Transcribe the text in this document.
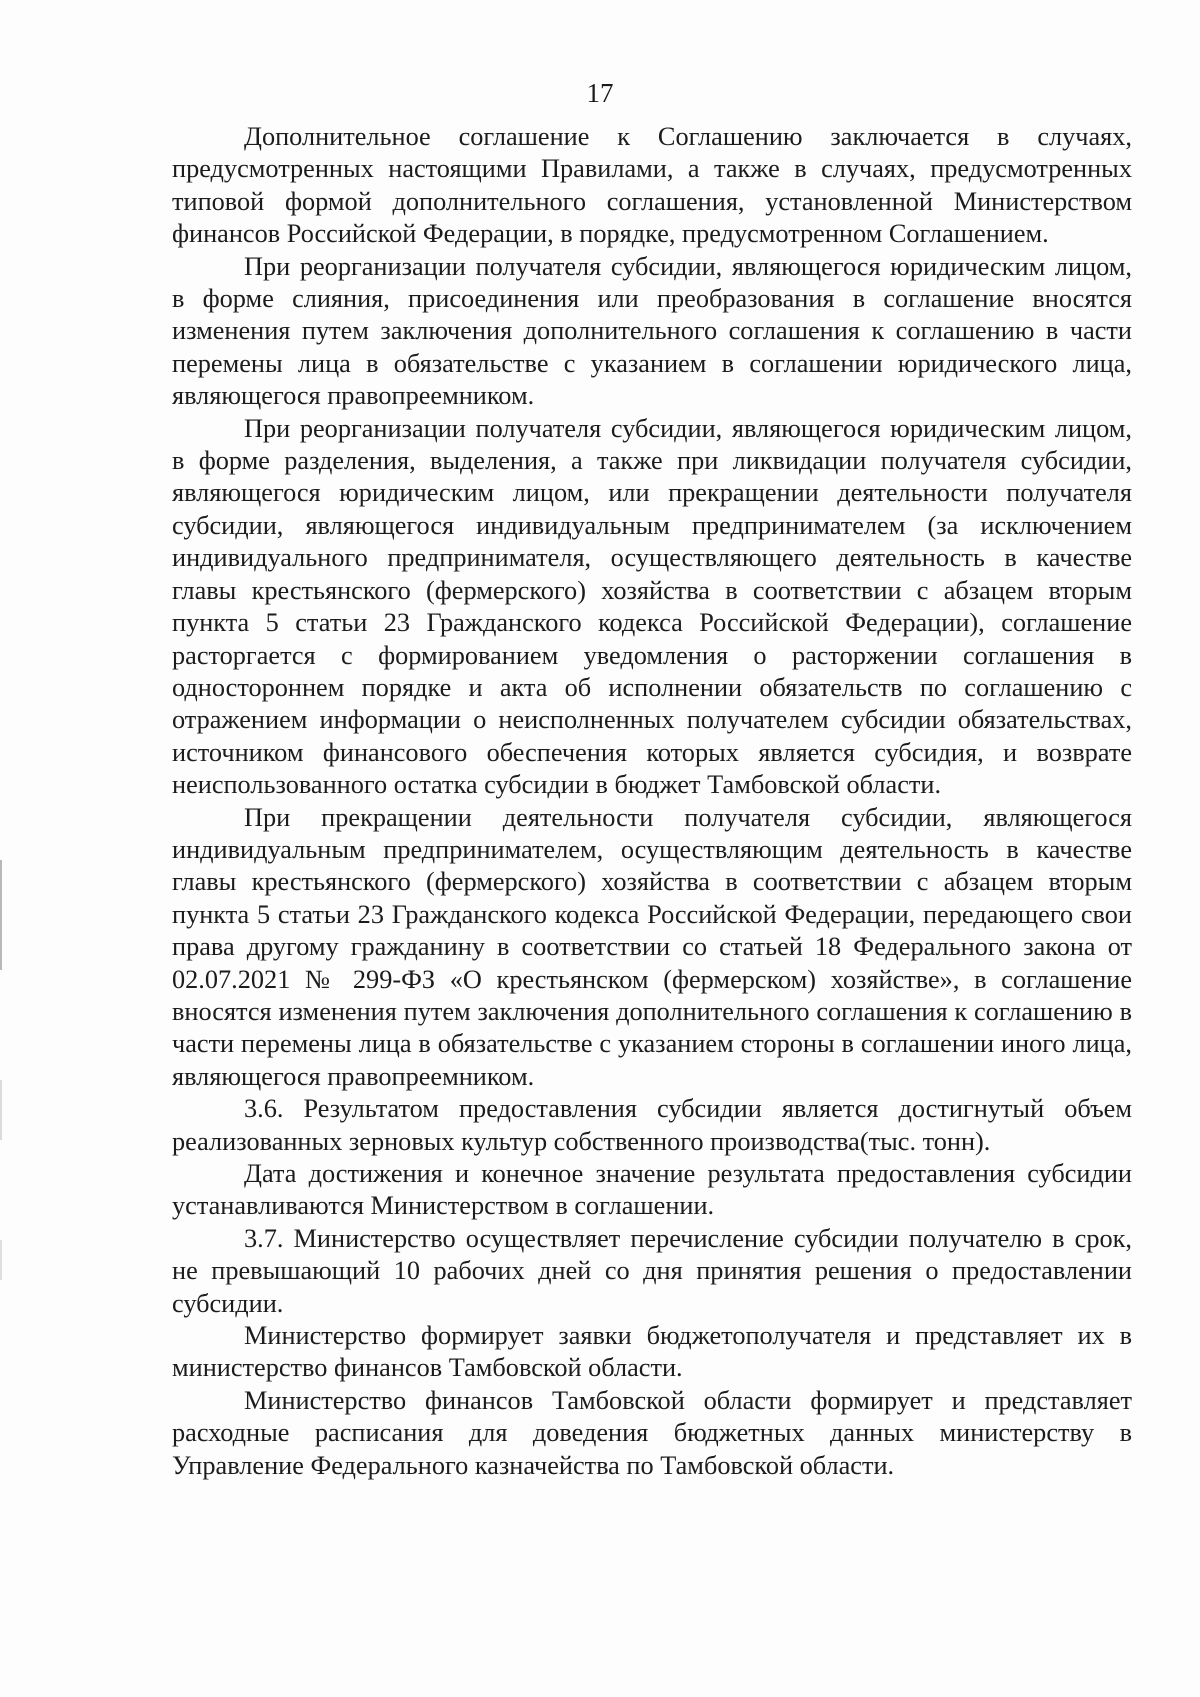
17

Дополнительное соглашение к Соглашению заключается в случаях, предусмотренных настоящими Правилами, а также в случаях, предусмотренных типовой формой дополнительного соглашения, установленной Министерством финансов Российской Федерации, в порядке, предусмотренном Соглашением.

При реорганизации получателя субсидии, являющегося юридическим лицом, в форме слияния, присоединения или преобразования в соглашение вносятся изменения путем заключения дополнительного соглашения к соглашению в части перемены лица в обязательстве с указанием в соглашении юридического лица, являющегося правопреемником.

При реорганизации получателя субсидии, являющегося юридическим лицом, в форме разделения, выделения, а также при ликвидации получателя субсидии, являющегося юридическим лицом, или прекращении деятельности получателя субсидии, являющегося индивидуальным предпринимателем (за исключением индивидуального предпринимателя, осуществляющего деятельность в качестве главы крестьянского (фермерского) хозяйства в соответствии с абзацем вторым пункта 5 статьи 23 Гражданского кодекса Российской Федерации), соглашение расторгается с формированием уведомления о расторжении соглашения в одностороннем порядке и акта об исполнении обязательств по соглашению с отражением информации о неисполненных получателем субсидии обязательствах, источником финансового обеспечения которых является субсидия, и возврате неиспользованного остатка субсидии в бюджет Тамбовской области.

При прекращении деятельности получателя субсидии, являющегося индивидуальным предпринимателем, осуществляющим деятельность в качестве главы крестьянского (фермерского) хозяйства в соответствии с абзацем вторым пункта 5 статьи 23 Гражданского кодекса Российской Федерации, передающего свои права другому гражданину в соответствии со статьей 18 Федерального закона от 02.07.2021 № 299-ФЗ «О крестьянском (фермерском) хозяйстве», в соглашение вносятся изменения путем заключения дополнительного соглашения к соглашению в части перемены лица в обязательстве с указанием стороны в соглашении иного лица, являющегося правопреемником.

3.6. Результатом предоставления субсидии является достигнутый объем реализованных зерновых культур собственного производства(тыс. тонн).

Дата достижения и конечное значение результата предоставления субсидии устанавливаются Министерством в соглашении.

3.7. Министерство осуществляет перечисление субсидии получателю в срок, не превышающий 10 рабочих дней со дня принятия решения о предоставлении субсидии.

Министерство формирует заявки бюджетополучателя и представляет их в министерство финансов Тамбовской области.

Министерство финансов Тамбовской области формирует и представляет расходные расписания для доведения бюджетных данных министерству в Управление Федерального казначейства по Тамбовской области.
